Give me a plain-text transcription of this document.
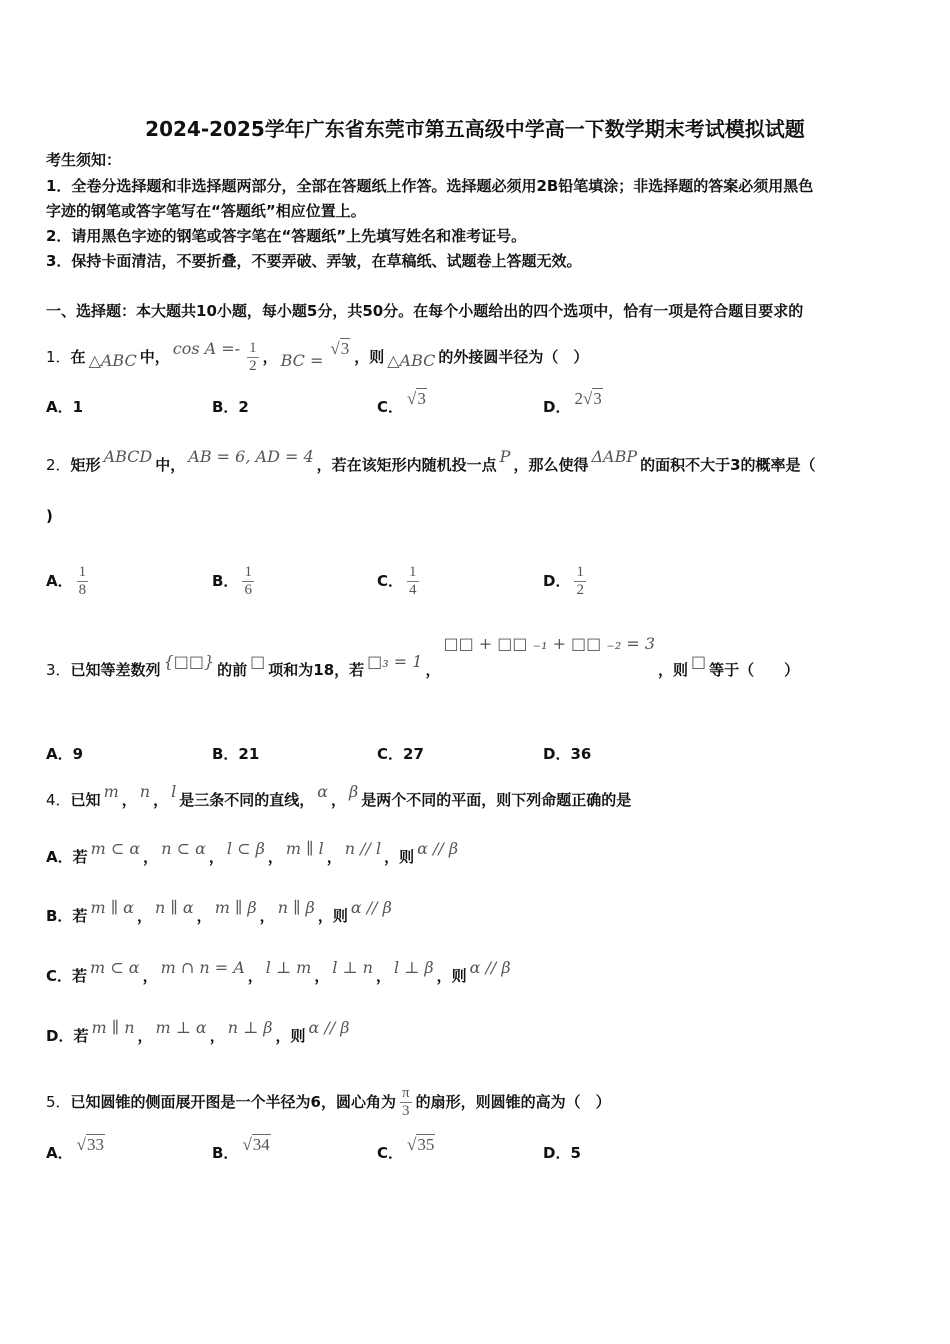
2024-2025学年广东省东莞市第五高级中学高一下数学期末考试模拟试题
考生须知：
1．全卷分选择题和非选择题两部分，全部在答题纸上作答。选择题必须用2B铅笔填涂；非选择题的答案必须用黑色
字迹的钢笔或答字笔写在“答题纸”相应位置上。
2．请用黑色字迹的钢笔或答字笔在“答题纸”上先填写姓名和准考证号。
3．保持卡面清洁，不要折叠，不要弄破、弄皱，在草稿纸、试题卷上答题无效。
一、选择题：本大题共10小题，每小题5分，共50分。在每个小题给出的四个选项中，恰有一项是符合题目要求的
1．在 △ABC 中， $\cos A =- \frac{1}{2}$ ， BC =√3 ，则 △ABC 的外接圆半径为（　）
A．1	B．2	C． √3	D． 2√3
2．矩形 ABCD 中， AB = 6, AD = 4 ，若在该矩形内随机投一点 P ，那么使得 ΔABP 的面积不大于3的概率是（
)
A． $\frac{1}{8}$	B． $\frac{1}{6}$	C． $\frac{1}{4}$	D． $\frac{1}{2}$
3．已知等差数列 {□□} 的前 □ 项和为18，若 □₃ = 1 ，□□ + □□ ₋₁ + □□ ₋₂ = 3，则 □ 等于（　　）
A．9	B．21	C．27	D．36
4．已知 m ， n ， l 是三条不同的直线， α ， β 是两个不同的平面，则下列命题正确的是
A．若 m ⊂ α ， n ⊂ α ， l ⊂ β ， m ∥ l ， n // l ，则 α // β
B．若 m ∥ α ， n ∥ α ， m ∥ β ， n ∥ β ，则 α // β
C．若 m ⊂ α ， m ∩ n = A ， l ⊥ m ， l ⊥ n ， l ⊥ β ，则 α // β
D．若 m ∥ n ， m ⊥ α ， n ⊥ β ，则 α // β
5．已知圆锥的侧面展开图是一个半径为6，圆心角为 $\frac{\pi}{3}$ 的扇形，则圆锥的高为（　）
A． √33	B． √34	C． √35	D．5
